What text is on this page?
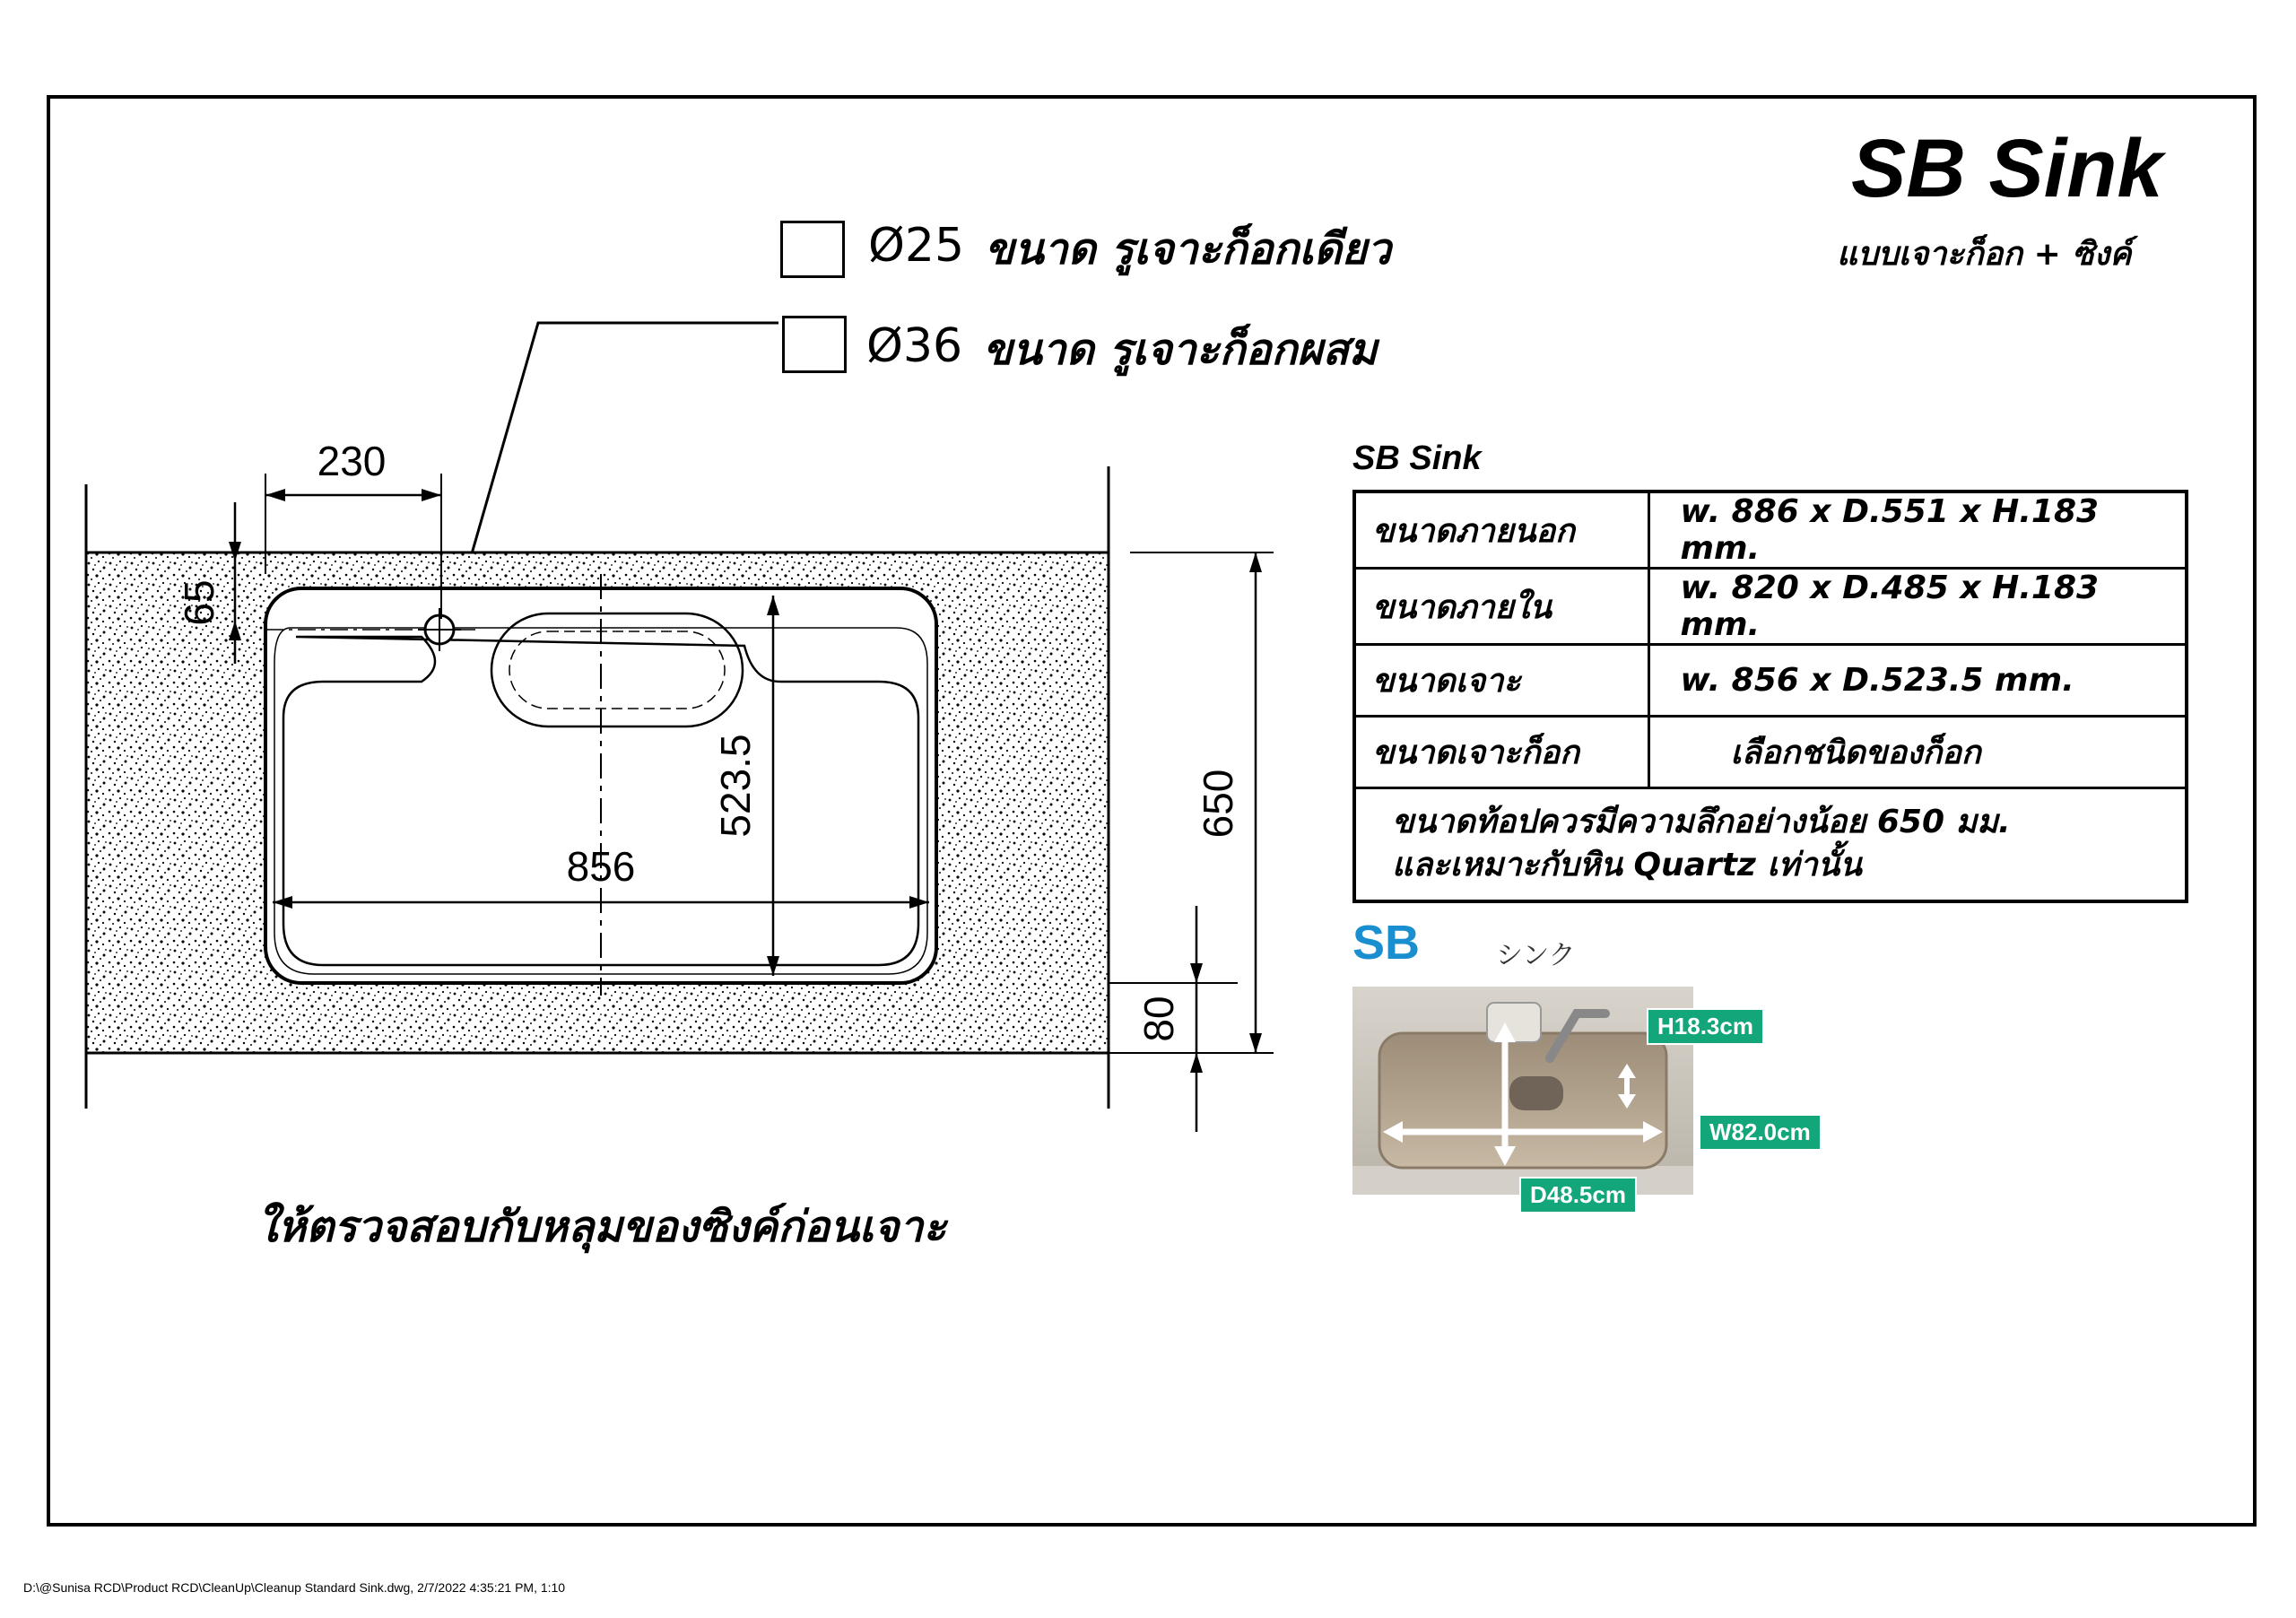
SB Sink
แบบเจาะก็อก + ซิงค์
Ø25 ขนาด รูเจาะก็อกเดียว
Ø36 ขนาด รูเจาะก็อกผสม
230
65
856
523.5	650
80
ให้ตรวจสอบกับหลุมของซิงค์ก่อนเจาะ
SB Sink
ขนาดภายนอก	w. 886 x D.551 x H.183 mm.
ขนาดภายใน	w. 820 x D.485 x H.183 mm.
ขนาดเจาะ	w. 856 x D.523.5 mm.
ขนาดเจาะก็อก	เลือกชนิดของก็อก

ขนาดท้อปควรมีความลึกอย่างน้อย 650 มม.
และเหมาะกับหิน Quartz เท่านั้น	
SB	シンク
H18.3cm
W82.0cm
D48.5cm
D:\@Sunisa RCD\Product RCD\CleanUp\Cleanup Standard Sink.dwg, 2/7/2022 4:35:21 PM, 1:10
